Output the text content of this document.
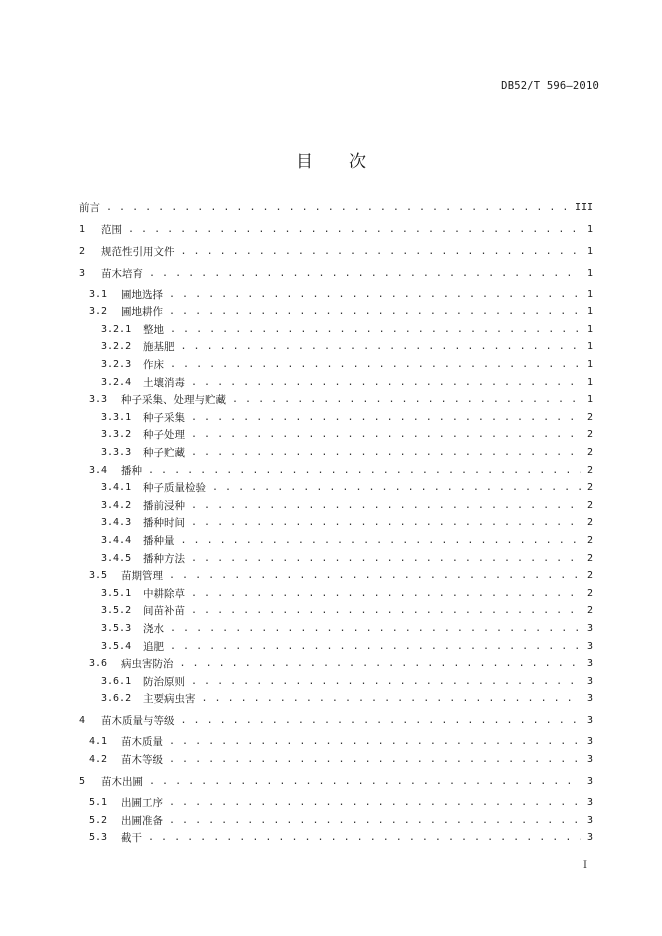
DB52/T 596—2010
目 次
前言 . . .	III
1	范围 . . .	1
2	规范性引用文件 . . .	1
3	苗木培育 . . .	1
3.1	圃地选择 . . .	1
3.2	圃地耕作 . . .	1
3.2.1	整地 . . .	1
3.2.2	施基肥 . . .	1
3.2.3	作床 . . .	1
3.2.4	土壤消毒 . . .	1
3.3	种子采集、处理与贮藏 . . .	1
3.3.1	种子采集 . . .	2
3.3.2	种子处理 . . .	2
3.3.3	种子贮藏 . . .	2
3.4	播种 . . .	2
3.4.1	种子质量检验 . . .	2
3.4.2	播前浸种 . . .	2
3.4.3	播种时间 . . .	2
3.4.4	播种量 . . .	2
3.4.5	播种方法 . . .	2
3.5	苗期管理 . . .	2
3.5.1	中耕除草 . . .	2
3.5.2	间苗补苗 . . .	2
3.5.3	浇水 . . .	3
3.5.4	追肥 . . .	3
3.6	病虫害防治 . . .	3
3.6.1	防治原则 . . .	3
3.6.2	主要病虫害 . . .	3
4	苗木质量与等级 . . .	3
4.1	苗木质量 . . .	3
4.2	苗木等级 . . .	3
5	苗木出圃 . . .	3
5.1	出圃工序 . . .	3
5.2	出圃准备 . . .	3
5.3	截干 . . .	3
I
